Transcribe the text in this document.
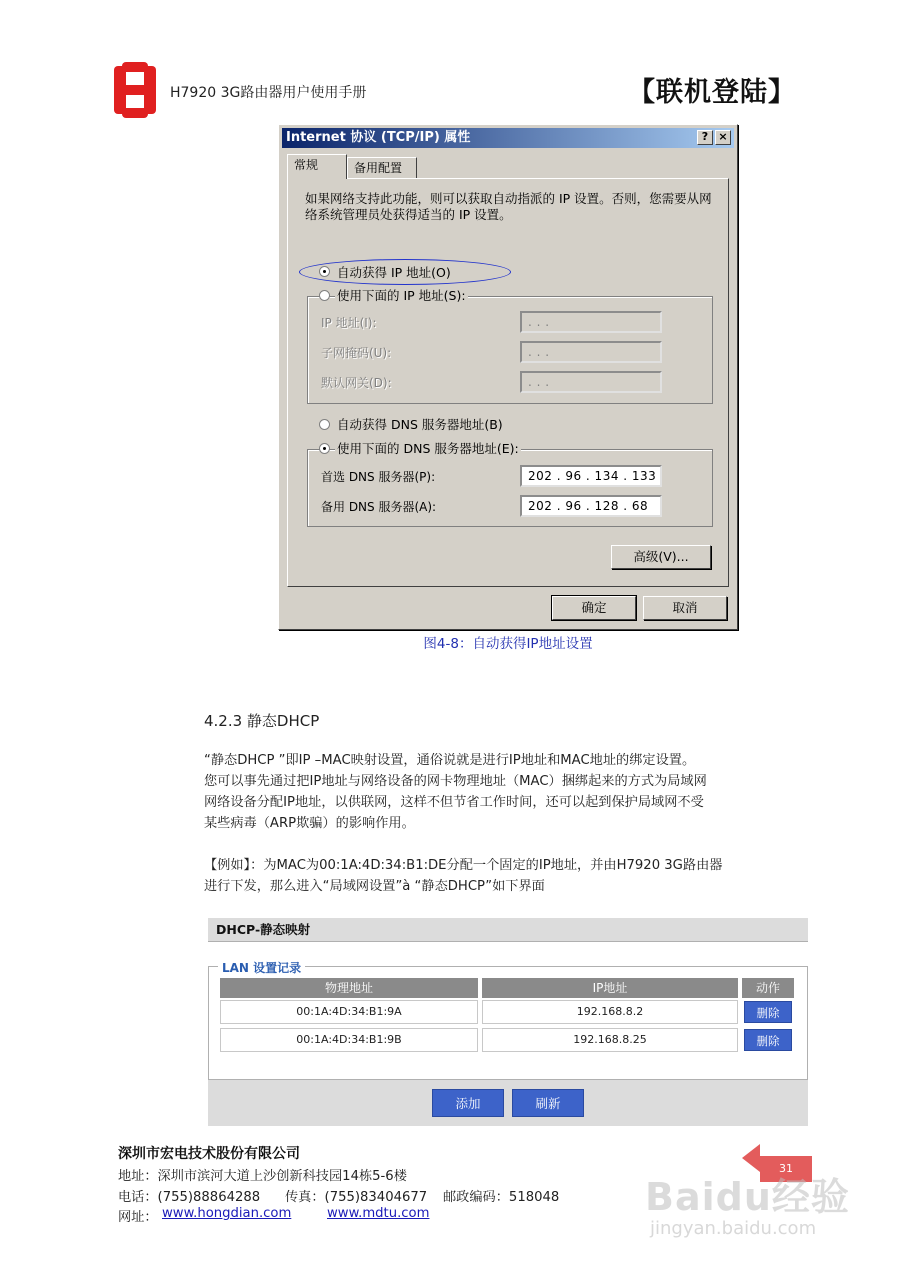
H7920 3G路由器用户使用手册	【联机登陆】
Internet 协议 (TCP/IP) 属性	? ×
常规	备用配置
如果网络支持此功能，则可以获取自动指派的 IP 设置。否则，您需要从网络系统管理员处获得适当的 IP 设置。
自动获得 IP 地址(O)
使用下面的 IP 地址(S):
IP 地址(I):	. . .
子网掩码(U):	. . .
默认网关(D):	. . .
自动获得 DNS 服务器地址(B)
使用下面的 DNS 服务器地址(E):
首选 DNS 服务器(P):	202 . 96 . 134 . 133
备用 DNS 服务器(A):	202 . 96 . 128 . 68
高级(V)...
确定	取消
图4-8：自动获得IP地址设置
4.2.3 静态DHCP
“静态DHCP ”即IP –MAC映射设置，通俗说就是进行IP地址和MAC地址的绑定设置。
您可以事先通过把IP地址与网络设备的网卡物理地址（MAC）捆绑起来的方式为局域网
网络设备分配IP地址，以供联网，这样不但节省工作时间，还可以起到保护局域网不受
某些病毒（ARP欺骗）的影响作用。
【例如】：为MAC为00:1A:4D:34:B1:DE分配一个固定的IP地址，并由H7920 3G路由器
进行下发，那么进入“局域网设置”à “静态DHCP”如下界面
DHCP-静态映射
LAN 设置记录
物理地址	IP地址	动作
00:1A:4D:34:B1:9A	192.168.8.2	删除
00:1A:4D:34:B1:9B	192.168.8.25	删除
添加	刷新
深圳市宏电技术股份有限公司
地址：深圳市滨河大道上沙创新科技园14栋5-6楼
电话：(755)88864288 传真：(755)83404677 邮政编码：518048
网址： www.hongdian.com	www.mdtu.com
31
Baidu经验
jingyan.baidu.com
